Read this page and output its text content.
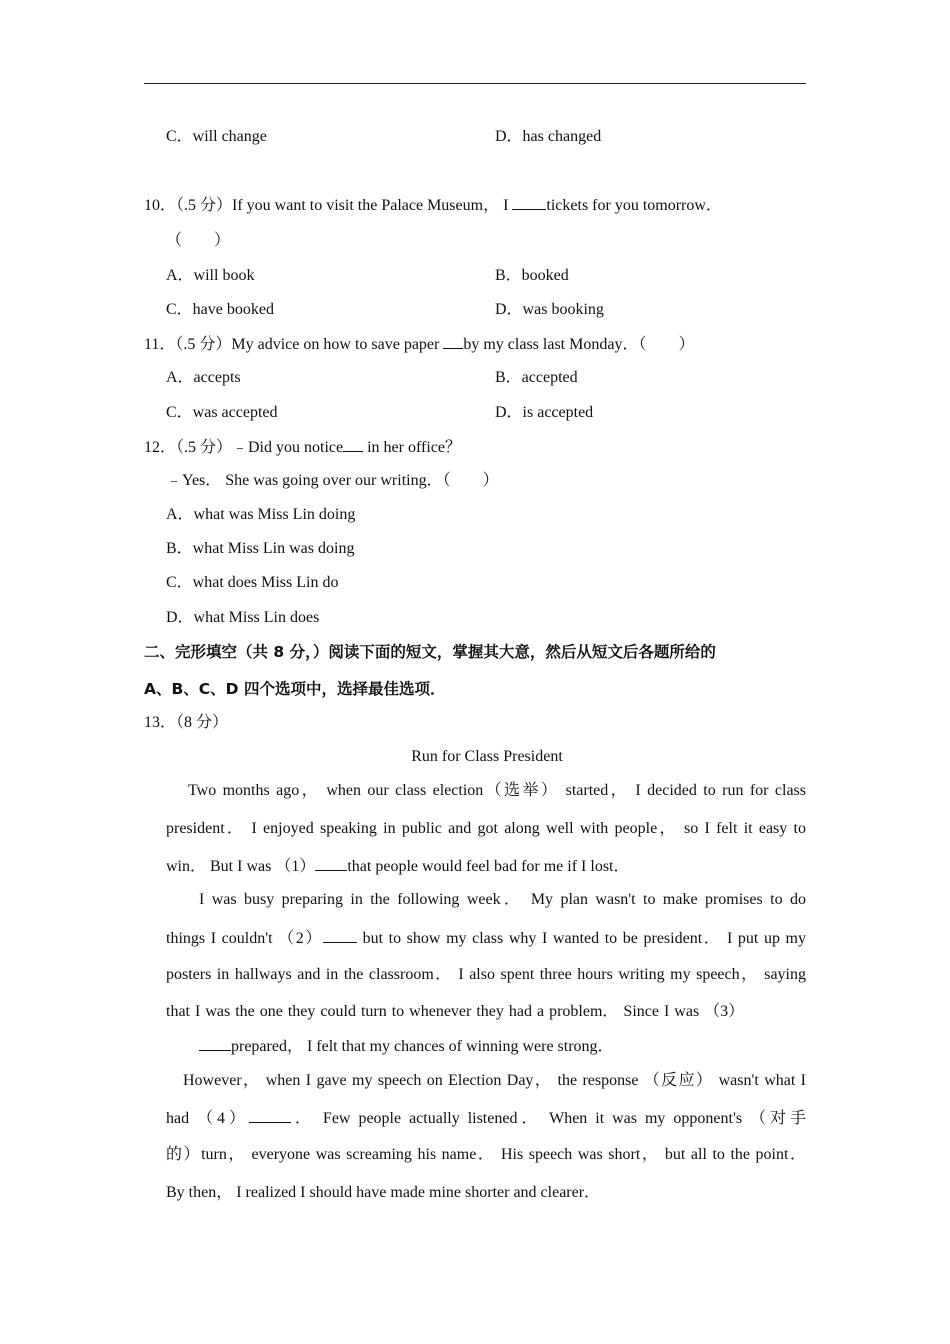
C．will change	D．has changed
10．（.5 分）If you want to visit the Palace Museum， I tickets for you tomorrow．
（　　）
A．will book	B．booked
C．have booked	D．was booking
11．（.5 分）My advice on how to save paper by my class last Monday．（　　）
A．accepts	B．accepted
C．was accepted	D．is accepted
12．（.5 分）﹣Did you notice in her office？
﹣Yes． She was going over our writing．（　　）
A．what was Miss Lin doing
B．what Miss Lin was doing
C．what does Miss Lin do
D．what Miss Lin does
二、完形填空（共 8 分，）阅读下面的短文，掌握其大意，然后从短文后各题所给的
A、B、C、D 四个选项中，选择最佳选项．
13．（8 分）
Run for Class President
Two months ago， when our class election（选举） started， I decided to run for class
president． I enjoyed speaking in public and got along well with people， so I felt it easy to
win． But I was （1） that people would feel bad for me if I lost．
I was busy preparing in the following week． My plan wasn't to make promises to do
things I couldn't （2） but to show my class why I wanted to be president． I put up my
posters in hallways and in the classroom． I also spent three hours writing my speech， saying
that I was the one they could turn to whenever they had a problem． Since I was （3）
prepared， I felt that my chances of winning were strong．
However， when I gave my speech on Election Day， the response （反应） wasn't what I
had （4）	． Few people actually listened． When it was my opponent's （对手
的）turn， everyone was screaming his name． His speech was short， but all to the point．
By then， I realized I should have made mine shorter and clearer．
